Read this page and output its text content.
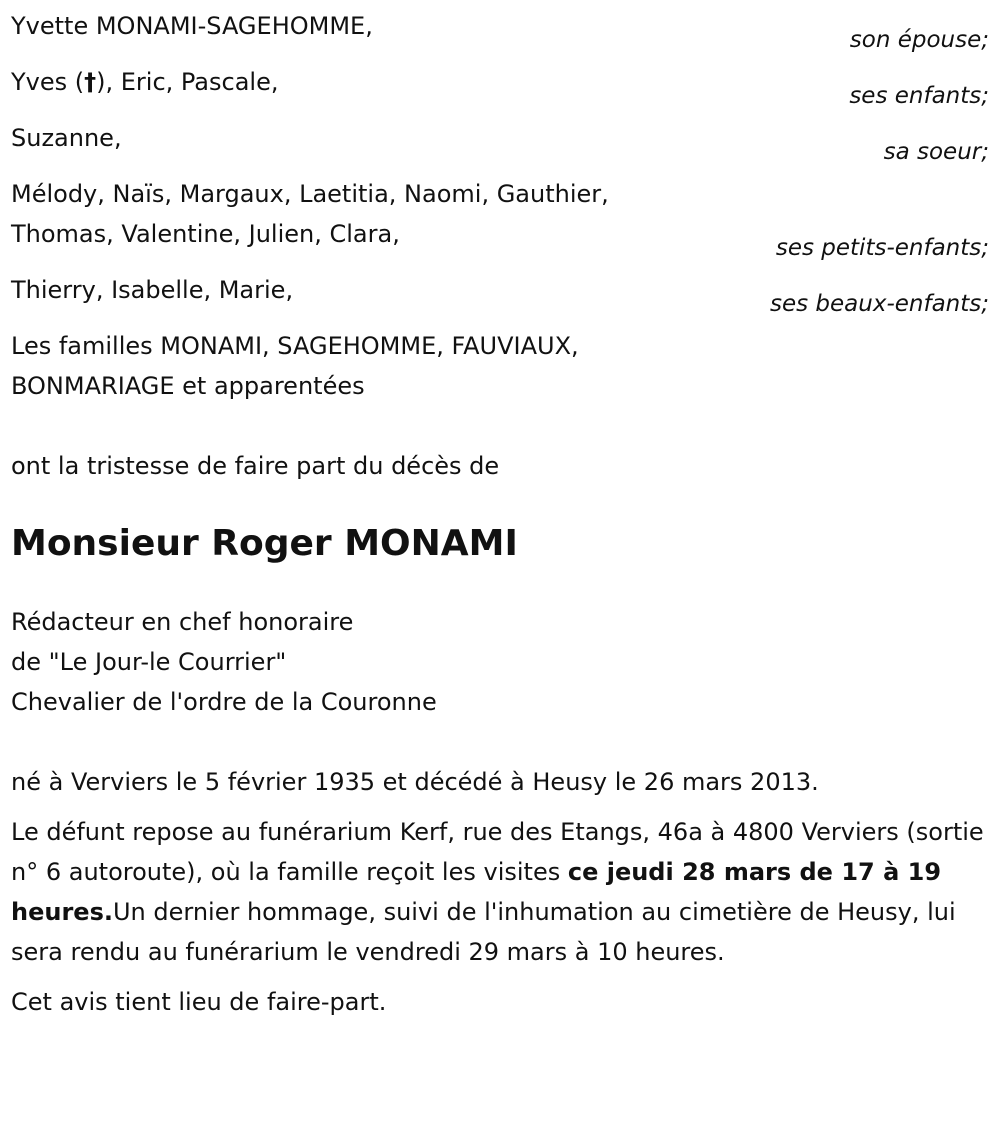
Yvette MONAMI-SAGEHOMME,	son épouse;
Yves (†), Eric, Pascale,	ses enfants;
Suzanne,	sa soeur;
Mélody, Naïs, Margaux, Laetitia, Naomi, Gauthier,
Thomas, Valentine, Julien, Clara,	ses petits-enfants;
Thierry, Isabelle, Marie,	ses beaux-enfants;
Les familles MONAMI, SAGEHOMME, FAUVIAUX,
BONMARIAGE et apparentées
ont la tristesse de faire part du décès de
Monsieur Roger MONAMI
Rédacteur en chef honoraire
de "Le Jour-le Courrier"
Chevalier de l'ordre de la Couronne
né à Verviers le 5 février 1935 et décédé à Heusy le 26 mars 2013.
Le défunt repose au funérarium Kerf, rue des Etangs, 46a à 4800 Verviers (sortie n° 6 autoroute), où la famille reçoit les visites ce jeudi 28 mars de 17 à 19 heures.Un dernier hommage, suivi de l'inhumation au cimetière de Heusy, lui sera rendu au funérarium le vendredi 29 mars à 10 heures.
Cet avis tient lieu de faire-part.
